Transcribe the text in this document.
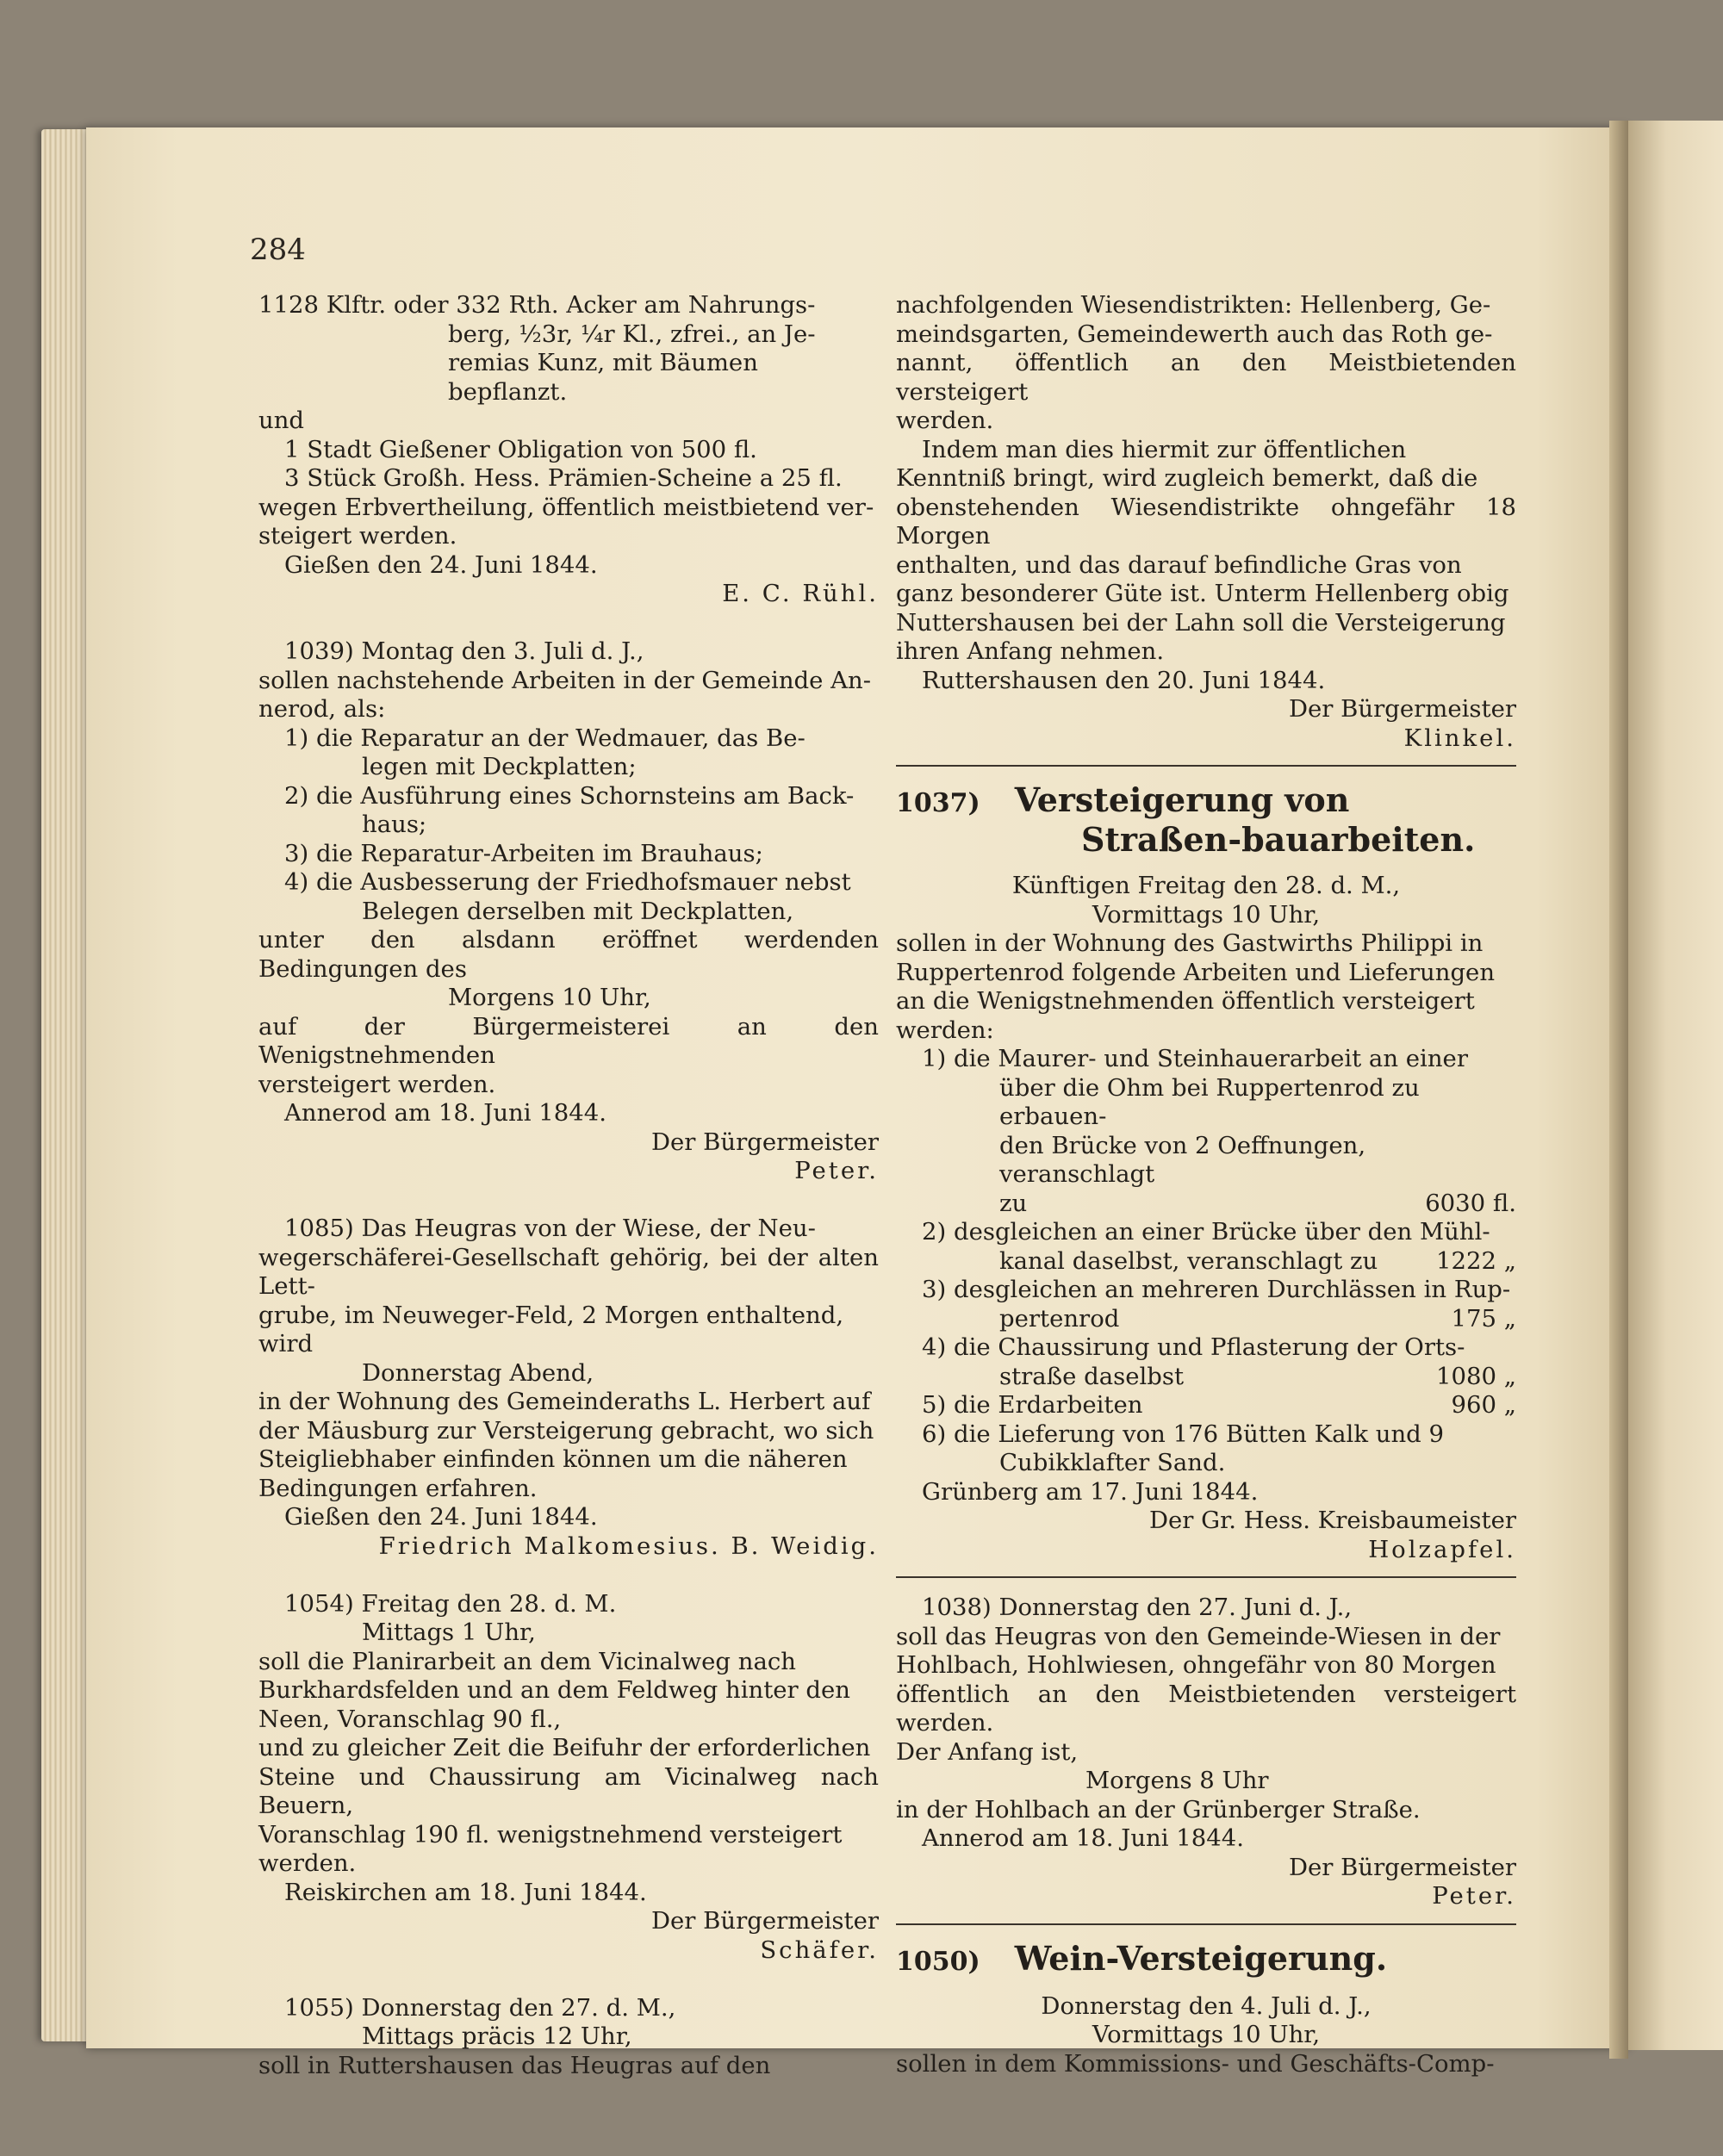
284

1128 Klftr. oder 332 Rth. Acker am Nahrungs-

berg, ½3r, ¼r Kl., zfrei., an Je-

remias Kunz, mit Bäumen bepflanzt.

und

1 Stadt Gießener Obligation von 500 fl.

3 Stück Großh. Hess. Prämien-Scheine a 25 fl.

wegen Erbvertheilung, öffentlich meistbietend ver-

steigert werden.

Gießen den 24. Juni 1844.

E. C. Rühl.

1039) Montag den 3. Juli d. J.,

sollen nachstehende Arbeiten in der Gemeinde An-

nerod, als:

1) die Reparatur an der Wedmauer, das Be-

legen mit Deckplatten;

2) die Ausführung eines Schornsteins am Back-

haus;

3) die Reparatur-Arbeiten im Brauhaus;

4) die Ausbesserung der Friedhofsmauer nebst

Belegen derselben mit Deckplatten,

unter den alsdann eröffnet werdenden Bedingungen des

Morgens 10 Uhr,

auf der Bürgermeisterei an den Wenigstnehmenden

versteigert werden.

Annerod am 18. Juni 1844.

Der Bürgermeister

Peter.

1085) Das Heugras von der Wiese, der Neu-

wegerschäferei-Gesellschaft gehörig, bei der alten Lett-

grube, im Neuweger-Feld, 2 Morgen enthaltend,

wird

Donnerstag Abend,

in der Wohnung des Gemeinderaths L. Herbert auf

der Mäusburg zur Versteigerung gebracht, wo sich

Steigliebhaber einfinden können um die näheren

Bedingungen erfahren.

Gießen den 24. Juni 1844.

Friedrich Malkomesius. B. Weidig.

1054) Freitag den 28. d. M.

Mittags 1 Uhr,

soll die Planirarbeit an dem Vicinalweg nach

Burkhardsfelden und an dem Feldweg hinter den

Neen, Voranschlag 90 fl.,

und zu gleicher Zeit die Beifuhr der erforderlichen

Steine und Chaussirung am Vicinalweg nach Beuern,

Voranschlag 190 fl. wenigstnehmend versteigert

werden.

Reiskirchen am 18. Juni 1844.

Der Bürgermeister

Schäfer.

1055) Donnerstag den 27. d. M.,

Mittags präcis 12 Uhr,

soll in Ruttershausen das Heugras auf den

nachfolgenden Wiesendistrikten: Hellenberg, Ge-

meindsgarten, Gemeindewerth auch das Roth ge-

nannt, öffentlich an den Meistbietenden versteigert

werden.

Indem man dies hiermit zur öffentlichen

Kenntniß bringt, wird zugleich bemerkt, daß die

obenstehenden Wiesendistrikte ohngefähr 18 Morgen

enthalten, und das darauf befindliche Gras von

ganz besonderer Güte ist. Unterm Hellenberg obig

Nuttershausen bei der Lahn soll die Versteigerung

ihren Anfang nehmen.

Ruttershausen den 20. Juni 1844.

Der Bürgermeister

Klinkel.

1037) Versteigerung von Straßen-bauarbeiten.

Künftigen Freitag den 28. d. M.,

Vormittags 10 Uhr,

sollen in der Wohnung des Gastwirths Philippi in

Ruppertenrod folgende Arbeiten und Lieferungen

an die Wenigstnehmenden öffentlich versteigert

werden:

1) die Maurer- und Steinhauerarbeit an einer

über die Ohm bei Ruppertenrod zu erbauen-

den Brücke von 2 Oeffnungen, veranschlagt

zu	6030 fl.

2) desgleichen an einer Brücke über den Mühl-

kanal daselbst, veranschlagt zu 1222 „

3) desgleichen an mehreren Durchlässen in Rup-

pertenrod	175 „

4) die Chaussirung und Pflasterung der Orts-

straße daselbst	1080 „

5) die Erdarbeiten	960 „

6) die Lieferung von 176 Bütten Kalk und 9

Cubikklafter Sand.

Grünberg am 17. Juni 1844.

Der Gr. Hess. Kreisbaumeister

Holzapfel.

1038) Donnerstag den 27. Juni d. J.,

soll das Heugras von den Gemeinde-Wiesen in der

Hohlbach, Hohlwiesen, ohngefähr von 80 Morgen

öffentlich an den Meistbietenden versteigert werden.

Der Anfang ist,

Morgens 8 Uhr

in der Hohlbach an der Grünberger Straße.

Annerod am 18. Juni 1844.

Der Bürgermeister

Peter.

1050) Wein-Versteigerung.

Donnerstag den 4. Juli d. J.,

Vormittags 10 Uhr,

sollen in dem Kommissions- und Geschäfts-Comp-
